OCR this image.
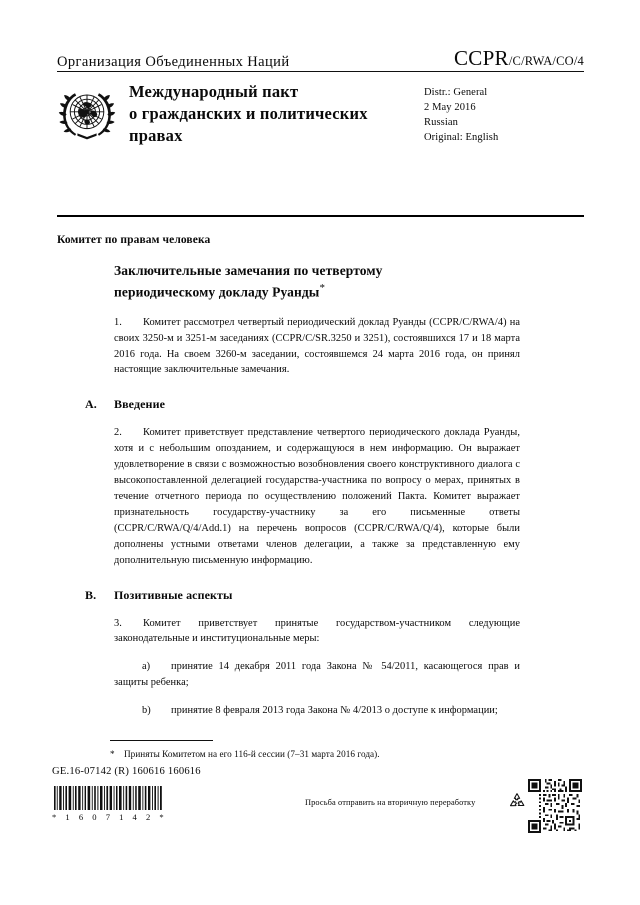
Организация Объединенных Наций	CCPR/C/RWA/CO/4
Международный пакт
о гражданских и политических
правах
Distr.: General
2 May 2016
Russian
Original: English
Комитет по правам человека
Заключительные замечания по четвертому
периодическому докладу Руанды*

1. Комитет рассмотрел четвертый периодический доклад Руанды (CCPR/C/RWA/4) на своих 3250-м и 3251-м заседаниях (CCPR/C/SR.3250 и 3251), состоявшихся 17 и 18 марта 2016 года. На своем 3260-м заседании, состоявшемся 24 марта 2016 года, он принял настоящие заключительные замечания.

A. Введение

2. Комитет приветствует представление четвертого периодического доклада Руанды, хотя и с небольшим опозданием, и содержащуюся в нем информацию. Он выражает удовлетворение в связи с возможностью возобновления своего конструктивного диалога с высокопоставленной делегацией государства-участника по вопросу о мерах, принятых в течение отчетного периода по осуществлению положений Пакта. Комитет выражает признательность государству-участнику за его письменные ответы (CCPR/C/RWA/Q/4/Add.1) на перечень вопросов (CCPR/C/RWA/Q/4), которые были дополнены устными ответами членов делегации, а также за представленную ему дополнительную письменную информацию.

B. Позитивные аспекты

3. Комитет приветствует принятые государством-участником следующие законодательные и институциональные меры:

a) принятие 14 декабря 2011 года Закона № 54/2011, касающегося прав и защиты ребенка;

b) принятие 8 февраля 2013 года Закона № 4/2013 о доступе к информации;

* Приняты Комитетом на его 116-й сессии (7–31 марта 2016 года).
GE.16-07142 (R) 160616 160616
* 1 6 0 7 1 4 2 *
Просьба отправить на вторичную переработку
